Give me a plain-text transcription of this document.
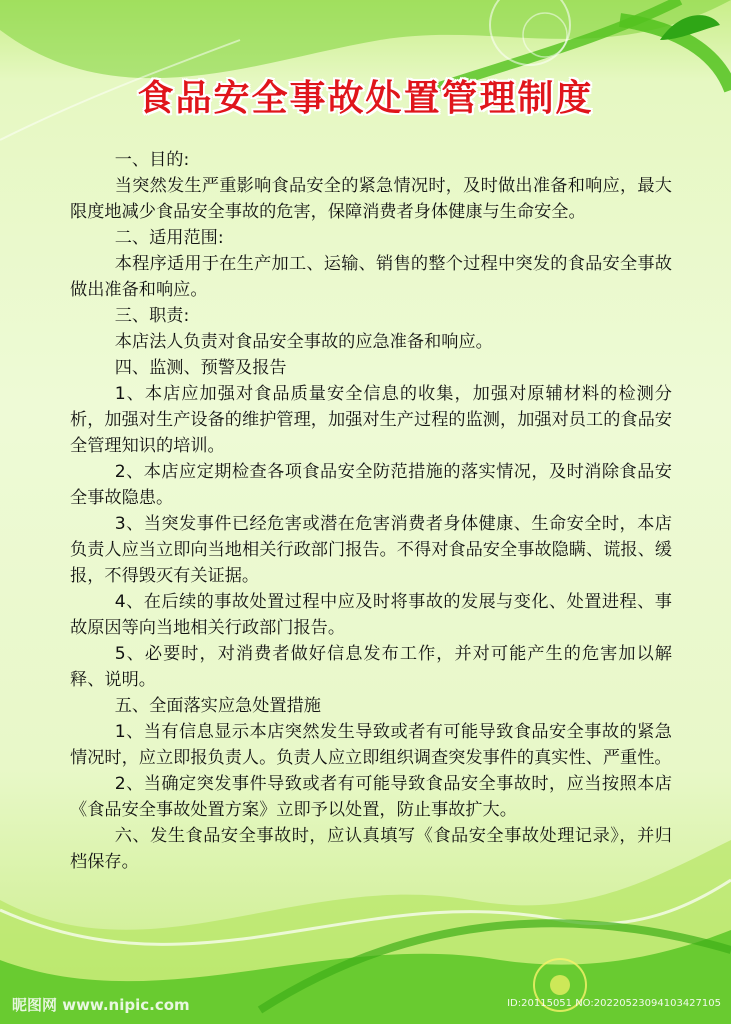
食品安全事故处置管理制度

一、目的:

当突然发生严重影响食品安全的紧急情况时，及时做出准备和响应，最大限度地减少食品安全事故的危害，保障消费者身体健康与生命安全。

二、适用范围:

本程序适用于在生产加工、运输、销售的整个过程中突发的食品安全事故做出准备和响应。

三、职责:

本店法人负责对食品安全事故的应急准备和响应。

四、监测、预警及报告

1、本店应加强对食品质量安全信息的收集，加强对原辅材料的检测分析，加强对生产设备的维护管理，加强对生产过程的监测，加强对员工的食品安全管理知识的培训。

2、本店应定期检查各项食品安全防范措施的落实情况，及时消除食品安全事故隐患。

3、当突发事件已经危害或潜在危害消费者身体健康、生命安全时，本店负责人应当立即向当地相关行政部门报告。不得对食品安全事故隐瞒、谎报、缓报，不得毁灭有关证据。

4、在后续的事故处置过程中应及时将事故的发展与变化、处置进程、事故原因等向当地相关行政部门报告。

5、必要时，对消费者做好信息发布工作，并对可能产生的危害加以解释、说明。

五、全面落实应急处置措施

1、当有信息显示本店突然发生导致或者有可能导致食品安全事故的紧急情况时，应立即报负责人。负责人应立即组织调查突发事件的真实性、严重性。

2、当确定突发事件导致或者有可能导致食品安全事故时，应当按照本店《食品安全事故处置方案》立即予以处置，防止事故扩大。

六、发生食品安全事故时，应认真填写《食品安全事故处理记录》，并归档保存。

昵图网 www.nipic.com	ID:20115051 NO:20220523094103427105
